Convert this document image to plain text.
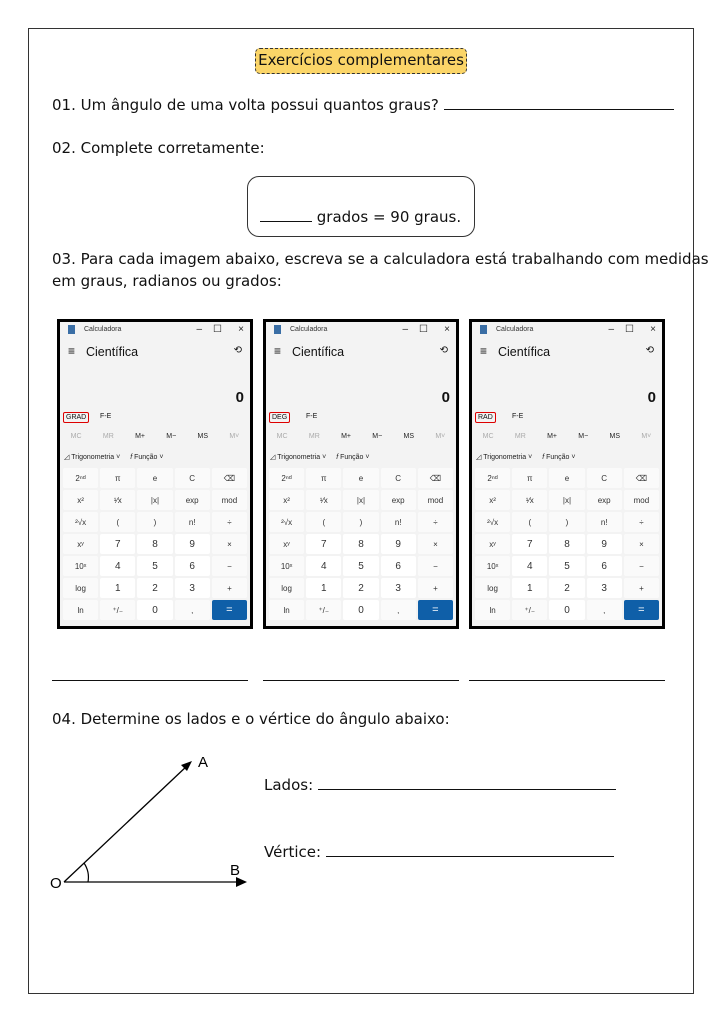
Exercícios complementares
01. Um ângulo de uma volta possui quantos graus?
02. Complete corretamente:
grados = 90 graus.
03. Para cada imagem abaixo, escreva se a calculadora está trabalhando com medidas
em graus, radianos ou grados:
Calculadora	– ☐ ×
≡ Científica	⟲
0
GRAD	F-E
MC	MR	M+	M−	MS	M˅
◿ Trigonometria ˅ f Função ˅
2ⁿᵈ	π	e	C	⌫
x²	¹⁄x	|x|	exp	mod
²√x	(	)	n!	÷
xʸ	7	8	9	×
10ˣ	4	5	6	−
log	1	2	3	+
ln	⁺/₋	0	,	=
Calculadora	– ☐ ×
≡ Científica	⟲
0
DEG	F-E
MC	MR	M+	M−	MS	M˅
◿ Trigonometria ˅ f Função ˅
2ⁿᵈ	π	e	C	⌫
x²	¹⁄x	|x|	exp	mod
²√x	(	)	n!	÷
xʸ	7	8	9	×
10ˣ	4	5	6	−
log	1	2	3	+
ln	⁺/₋	0	,	=
Calculadora	– ☐ ×
≡ Científica	⟲
0
RAD	F-E
MC	MR	M+	M−	MS	M˅
◿ Trigonometria ˅ f Função ˅
2ⁿᵈ	π	e	C	⌫
x²	¹⁄x	|x|	exp	mod
²√x	(	)	n!	÷
xʸ	7	8	9	×
10ˣ	4	5	6	−
log	1	2	3	+
ln	⁺/₋	0	,	=
04. Determine os lados e o vértice do ângulo abaixo:
A
B
O
Lados:
Vértice:
